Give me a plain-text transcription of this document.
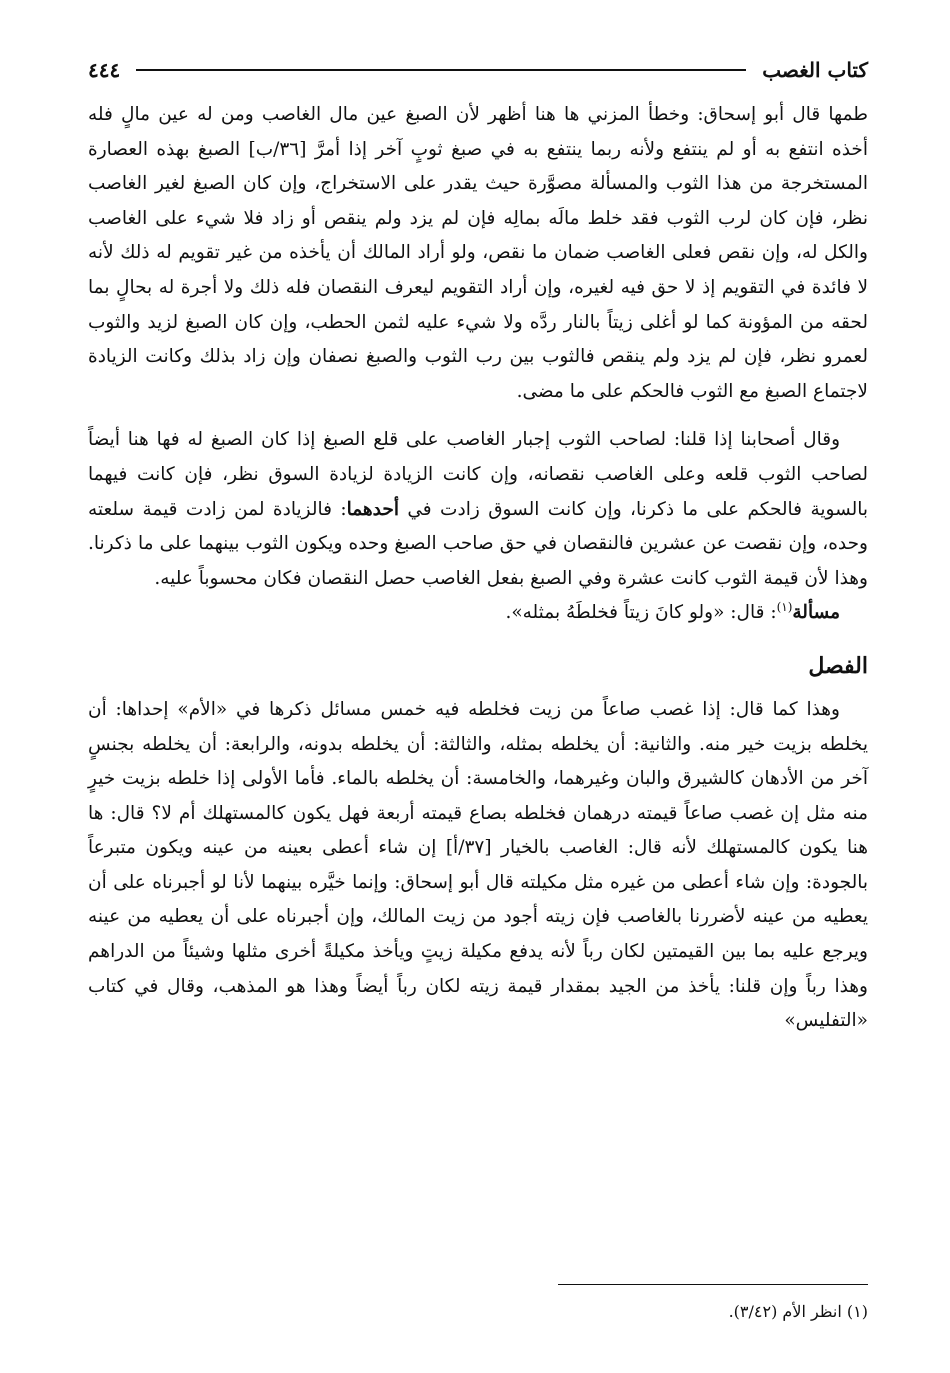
كتاب الغصب
٤٤٤

طمها قال أبو إسحاق: وخطأ المزني ها هنا أظهر لأن الصبغ عين مال الغاصب ومن له عين مالٍ فله أخذه انتفع به أو لم ينتفع ولأنه ربما ينتفع به في صبغ ثوبٍ آخر إذا أمرَّ [٣٦/ب] الصبغ بهذه العصارة المستخرجة من هذا الثوب والمسألة مصوَّرة حيث يقدر على الاستخراج، وإن كان الصبغ لغير الغاصب نظر، فإن كان لرب الثوب فقد خلط مالَه بمالِه فإن لم يزد ولم ينقص أو زاد فلا شيء على الغاصب والكل له، وإن نقص فعلى الغاصب ضمان ما نقص، ولو أراد المالك أن يأخذه من غير تقويم له ذلك لأنه لا فائدة في التقويم إذ لا حق فيه لغيره، وإن أراد التقويم ليعرف النقصان فله ذلك ولا أجرة له بحالٍ بما لحقه من المؤونة كما لو أغلى زيتاً بالنار ردَّه ولا شيء عليه لثمن الحطب، وإن كان الصبغ لزيد والثوب لعمرو نظر، فإن لم يزد ولم ينقص فالثوب بين رب الثوب والصبغ نصفان وإن زاد بذلك وكانت الزيادة لاجتماع الصبغ مع الثوب فالحكم على ما مضى.

وقال أصحابنا إذا قلنا: لصاحب الثوب إجبار الغاصب على قلع الصبغ إذا كان الصبغ له فها هنا أيضاً لصاحب الثوب قلعه وعلى الغاصب نقصانه، وإن كانت الزيادة لزيادة السوق نظر، فإن كانت فيهما بالسوية فالحكم على ما ذكرنا، وإن كانت السوق زادت في أحدهما: فالزيادة لمن زادت قيمة سلعته وحده، وإن نقصت عن عشرين فالنقصان في حق صاحب الصبغ وحده ويكون الثوب بينهما على ما ذكرنا. وهذا لأن قيمة الثوب كانت عشرة وفي الصبغ بفعل الغاصب حصل النقصان فكان محسوباً عليه.

مسألة$^{(١)}$: قال: «ولو كانَ زيتاً فخلطَهُ بمثله».

الفصل

وهذا كما قال: إذا غصب صاعاً من زيت فخلطه فيه خمس مسائل ذكرها في «الأم» إحداها: أن يخلطه بزيت خير منه. والثانية: أن يخلطه بمثله، والثالثة: أن يخلطه بدونه، والرابعة: أن يخلطه بجنسٍ آخر من الأدهان كالشيرق والبان وغيرهما، والخامسة: أن يخلطه بالماء. فأما الأولى إذا خلطه بزيت خيرٍ منه مثل إن غصب صاعاً قيمته درهمان فخلطه بصاع قيمته أربعة فهل يكون كالمستهلك أم لا؟ قال: ها هنا يكون كالمستهلك لأنه قال: الغاصب بالخيار [٣٧/أ] إن شاء أعطى بعينه من عينه ويكون متبرعاً بالجودة: وإن شاء أعطى من غيره مثل مكيلته قال أبو إسحاق: وإنما خيَّره بينهما لأنا لو أجبرناه على أن يعطيه من عينه لأضررنا بالغاصب فإن زيته أجود من زيت المالك، وإن أجبرناه على أن يعطيه من عينه ويرجع عليه بما بين القيمتين لكان رباً لأنه يدفع مكيلة زيتٍ ويأخذ مكيلةً أخرى مثلها وشيئاً من الدراهم وهذا رباً وإن قلنا: يأخذ من الجيد بمقدار قيمة زيته لكان رباً أيضاً وهذا هو المذهب، وقال في كتاب «التفليس»

(١) انظر الأم (٣/٤٢).
